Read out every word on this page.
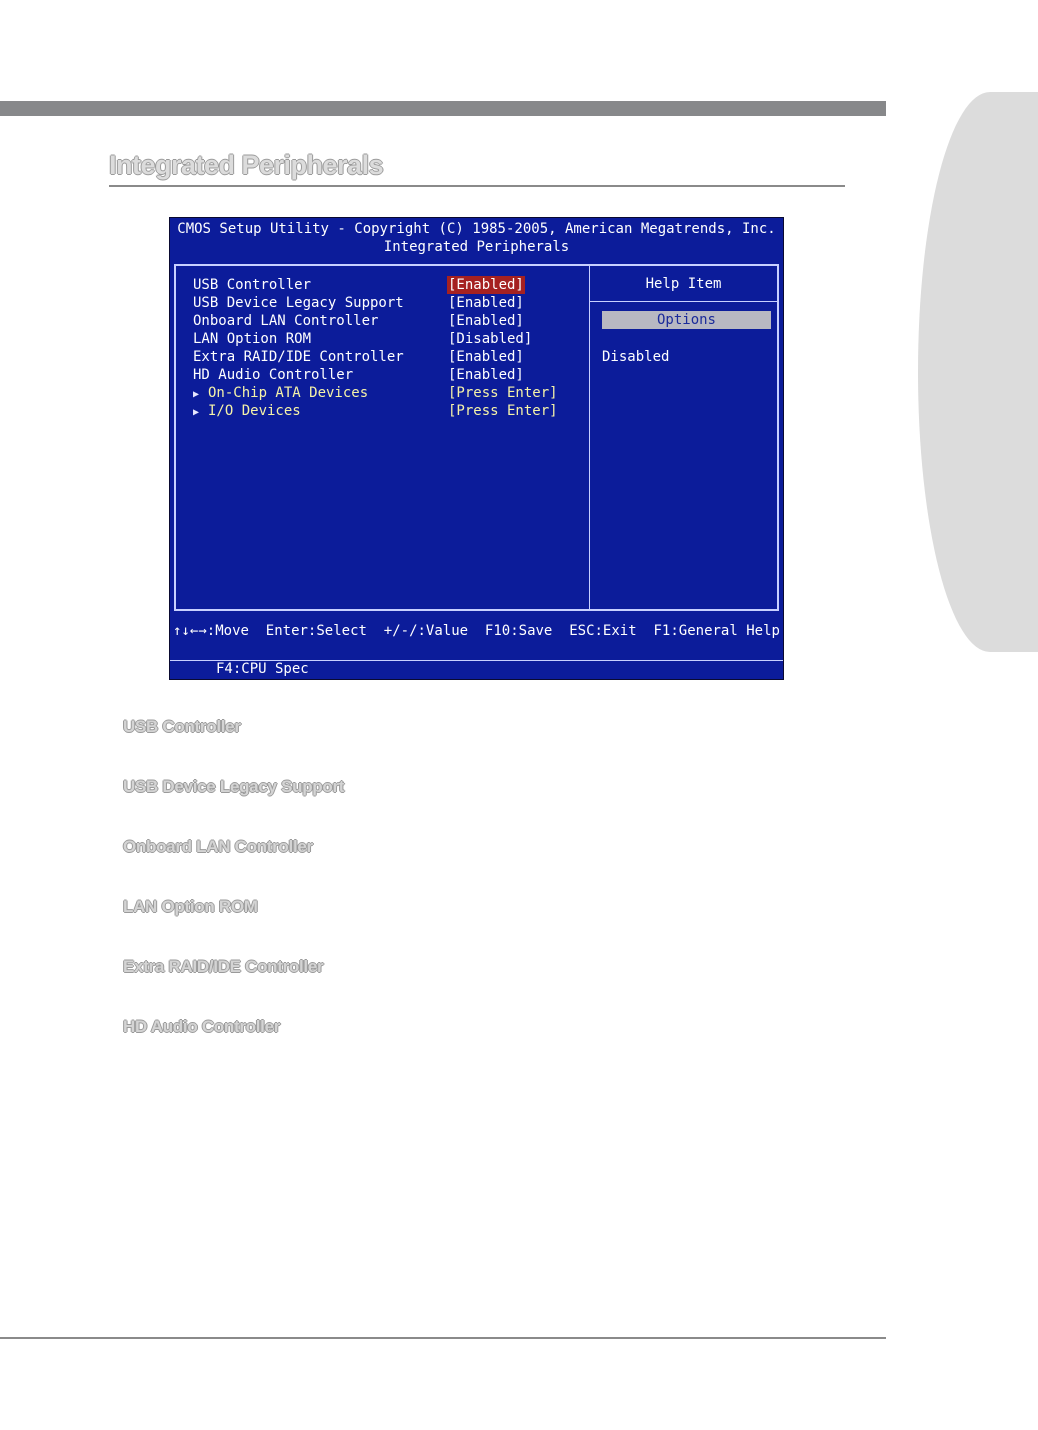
Integrated Peripherals
CMOS Setup Utility - Copyright (C) 1985-2005, American Megatrends, Inc.
Integrated Peripherals
USB Controller	[Enabled]
USB Device Legacy Support	[Enabled]
Onboard LAN Controller	[Enabled]
LAN Option ROM	[Disabled]
Extra RAID/IDE Controller	[Enabled]
HD Audio Controller	[Enabled]
▶ On-Chip ATA Devices	[Press Enter]
▶ I/O Devices	[Press Enter]
Help Item
Options
Disabled
↑↓←→:Move  Enter:Select  +/-/:Value  F10:Save  ESC:Exit  F1:General Help

F4:CPU Spec

F5:Memory-Z

F8:Fail-Safe Defaults

F6:Optimized Defaults

F4:CPU Spec

F5:Memory-Z

F8:Fail-Safe Defaults

F6:Optimized Defaults

USB Controller
USB Device Legacy Support
Onboard LAN Controller
LAN Option ROM
Extra RAID/IDE Controller
HD Audio Controller
